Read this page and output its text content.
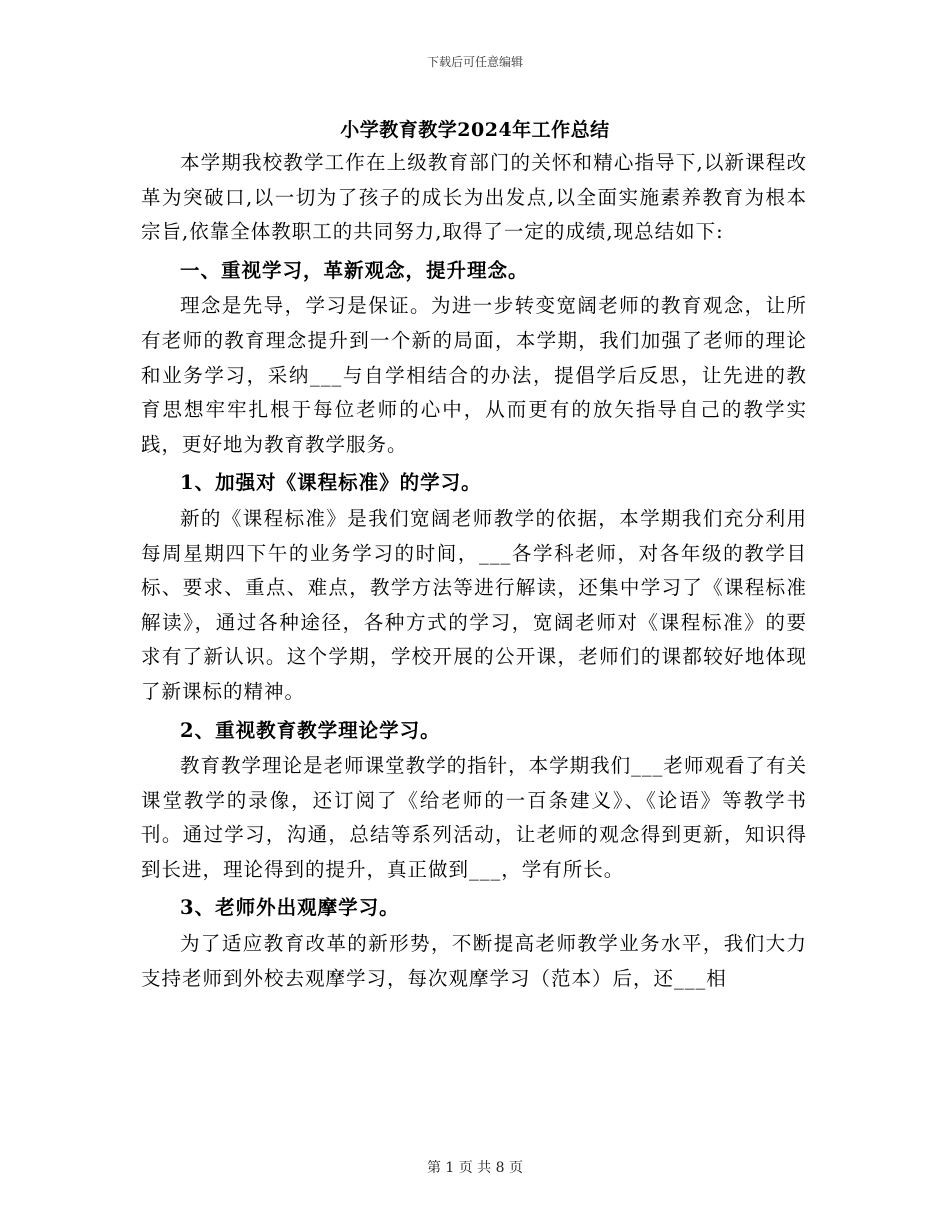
下载后可任意编辑
小学教育教学2024年工作总结

本学期我校教学工作在上级教育部门的关怀和精心指导下,以新课程改革为突破口,以一切为了孩子的成长为出发点,以全面实施素养教育为根本宗旨,依靠全体教职工的共同努力,取得了一定的成绩,现总结如下:

一、重视学习，革新观念，提升理念。

理念是先导，学习是保证。为进一步转变宽阔老师的教育观念，让所有老师的教育理念提升到一个新的局面，本学期，我们加强了老师的理论和业务学习，采纳___与自学相结合的办法，提倡学后反思，让先进的教育思想牢牢扎根于每位老师的心中，从而更有的放矢指导自己的教学实践，更好地为教育教学服务。

1、加强对《课程标准》的学习。

新的《课程标准》是我们宽阔老师教学的依据，本学期我们充分利用每周星期四下午的业务学习的时间，___各学科老师，对各年级的教学目标、要求、重点、难点，教学方法等进行解读，还集中学习了《课程标准解读》，通过各种途径，各种方式的学习，宽阔老师对《课程标准》的要求有了新认识。这个学期，学校开展的公开课，老师们的课都较好地体现了新课标的精神。

2、重视教育教学理论学习。

教育教学理论是老师课堂教学的指针，本学期我们___老师观看了有关课堂教学的录像，还订阅了《给老师的一百条建义》、《论语》等教学书刊。通过学习，沟通，总结等系列活动，让老师的观念得到更新，知识得到长进，理论得到的提升，真正做到___，学有所长。

3、老师外出观摩学习。

为了适应教育改革的新形势，不断提高老师教学业务水平，我们大力支持老师到外校去观摩学习，每次观摩学习（范本）后，还___相

第 1 页 共 8 页
